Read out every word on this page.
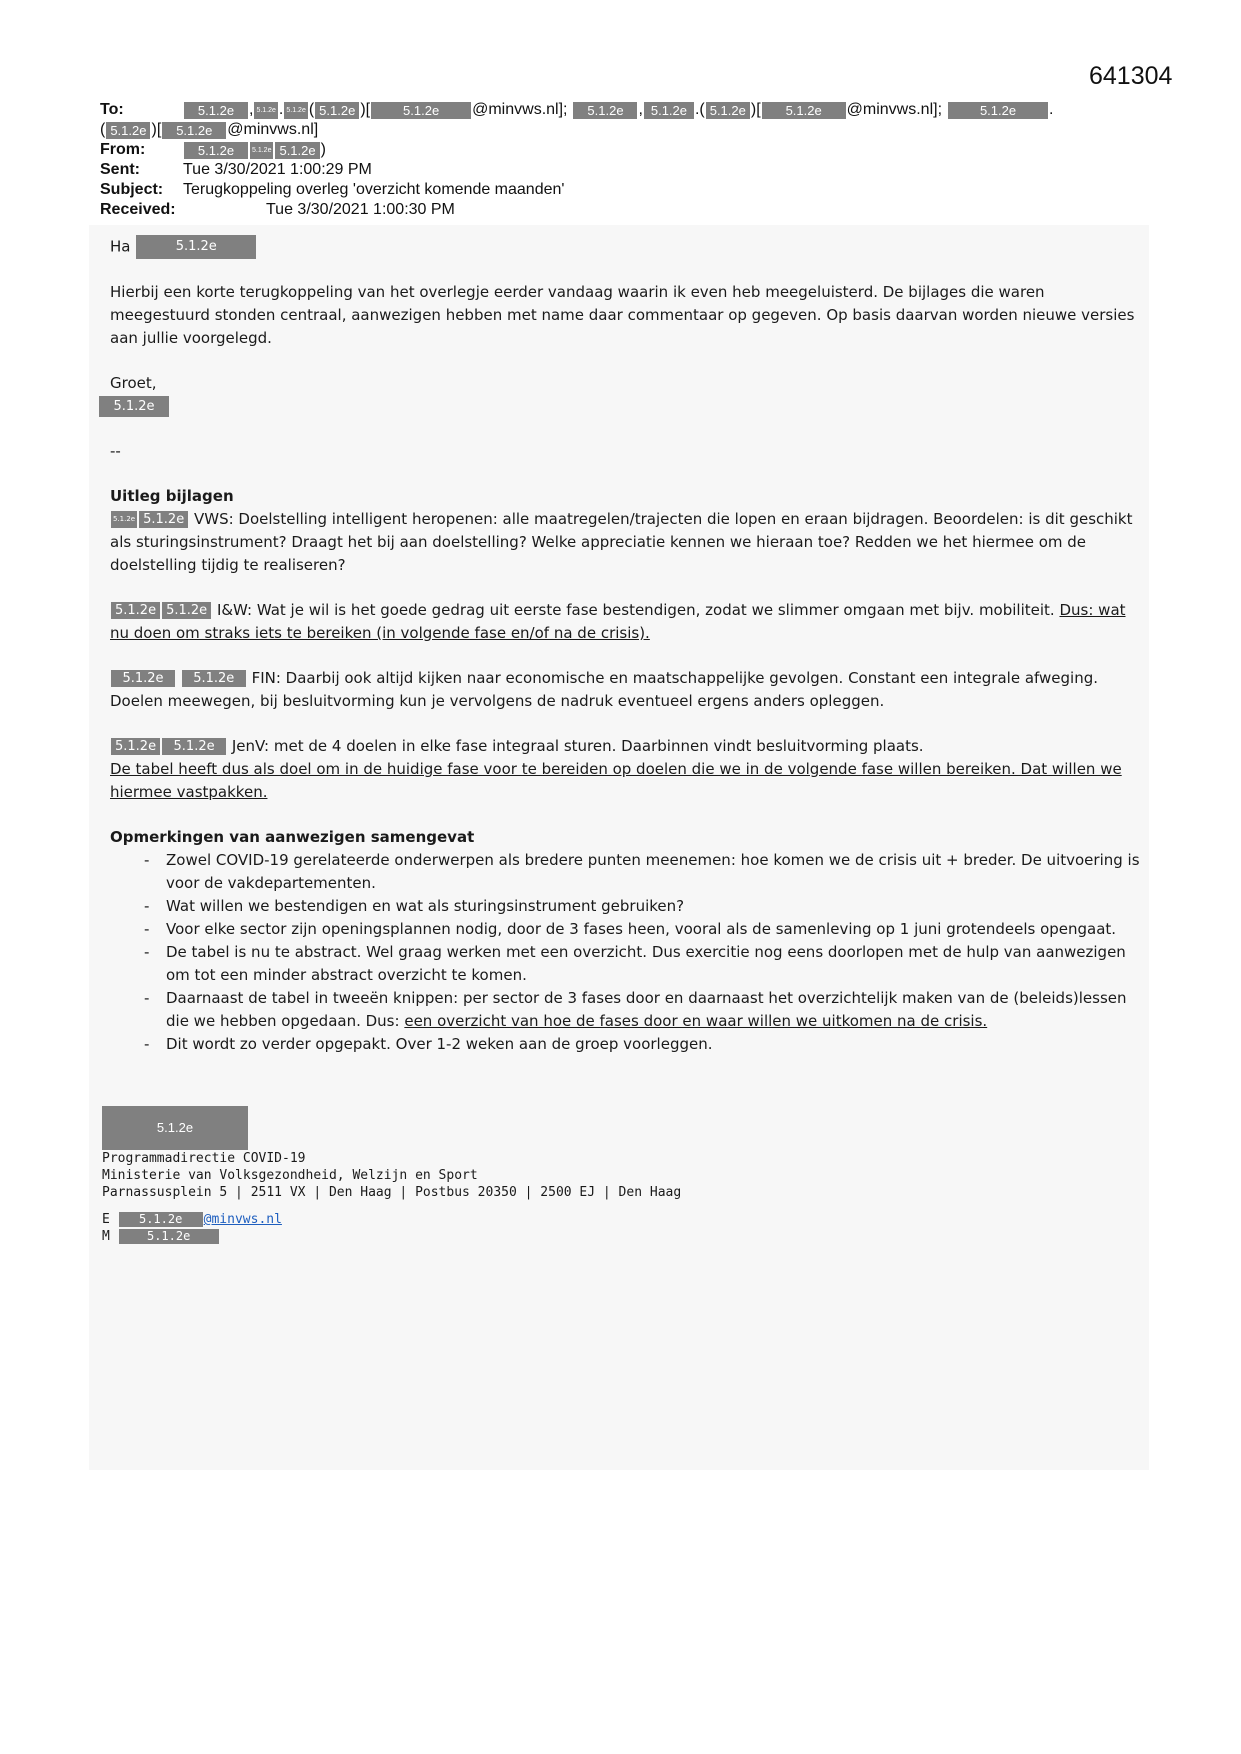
641304
To:	5.1.2e , 5.1.2e . 5.1.2e ( 5.1.2e )[	5.1.2e	@minvws.nl];	5.1.2e , 5.1.2e .( 5.1.2e )[	5.1.2e	@minvws.nl];	5.1.2e	.
( 5.1.2e )[	5.1.2e @minvws.nl]
From:	5.1.2e	5.1.2e 5.1.2e )
Sent:	Tue 3/30/2021 1:00:29 PM
Subject:	Terugkoppeling overleg 'overzicht komende maanden'
Received:	Tue 3/30/2021 1:00:30 PM

Ha	5.1.2e

Hierbij een korte terugkoppeling van het overlegje eerder vandaag waarin ik even heb meegeluisterd. De bijlages die waren meegestuurd stonden centraal, aanwezigen hebben met name daar commentaar op gegeven. Op basis daarvan worden nieuwe versies aan jullie voorgelegd.

Groet,

5.1.2e

--

Uitleg bijlagen

5.1.2e 5.1.2e VWS: Doelstelling intelligent heropenen: alle maatregelen/trajecten die lopen en eraan bijdragen. Beoordelen: is dit geschikt als sturingsinstrument? Draagt het bij aan doelstelling? Welke appreciatie kennen we hieraan toe? Redden we het hiermee om de doelstelling tijdig te realiseren?

5.1.2e 5.1.2e I&W: Wat je wil is het goede gedrag uit eerste fase bestendigen, zodat we slimmer omgaan met bijv. mobiliteit. Dus: wat nu doen om straks iets te bereiken (in volgende fase en/of na de crisis).

5.1.2e 5.1.2e FIN: Daarbij ook altijd kijken naar economische en maatschappelijke gevolgen. Constant een integrale afweging. Doelen meewegen, bij besluitvorming kun je vervolgens de nadruk eventueel ergens anders opleggen.

5.1.2e 5.1.2e JenV: met de 4 doelen in elke fase integraal sturen. Daarbinnen vindt besluitvorming plaats.

De tabel heeft dus als doel om in de huidige fase voor te bereiden op doelen die we in de volgende fase willen bereiken. Dat willen we hiermee vastpakken.

Opmerkingen van aanwezigen samengevat

- Zowel COVID-19 gerelateerde onderwerpen als bredere punten meenemen: hoe komen we de crisis uit + breder. De uitvoering is voor de vakdepartementen.
- Wat willen we bestendigen en wat als sturingsinstrument gebruiken?
- Voor elke sector zijn openingsplannen nodig, door de 3 fases heen, vooral als de samenleving op 1 juni grotendeels opengaat.
- De tabel is nu te abstract. Wel graag werken met een overzicht. Dus exercitie nog eens doorlopen met de hulp van aanwezigen om tot een minder abstract overzicht te komen.
- Daarnaast de tabel in tweeën knippen: per sector de 3 fases door en daarnaast het overzichtelijk maken van de (beleids)lessen die we hebben opgedaan. Dus: een overzicht van hoe de fases door en waar willen we uitkomen na de crisis.
- Dit wordt zo verder opgepakt. Over 1-2 weken aan de groep voorleggen.
5.1.2e
Programmadirectie COVID-19
Ministerie van Volksgezondheid, Welzijn en Sport
Parnassusplein 5 | 2511 VX | Den Haag | Postbus 20350 | 2500 EJ | Den Haag
E 5.1.2e @minvws.nl
M	5.1.2e
